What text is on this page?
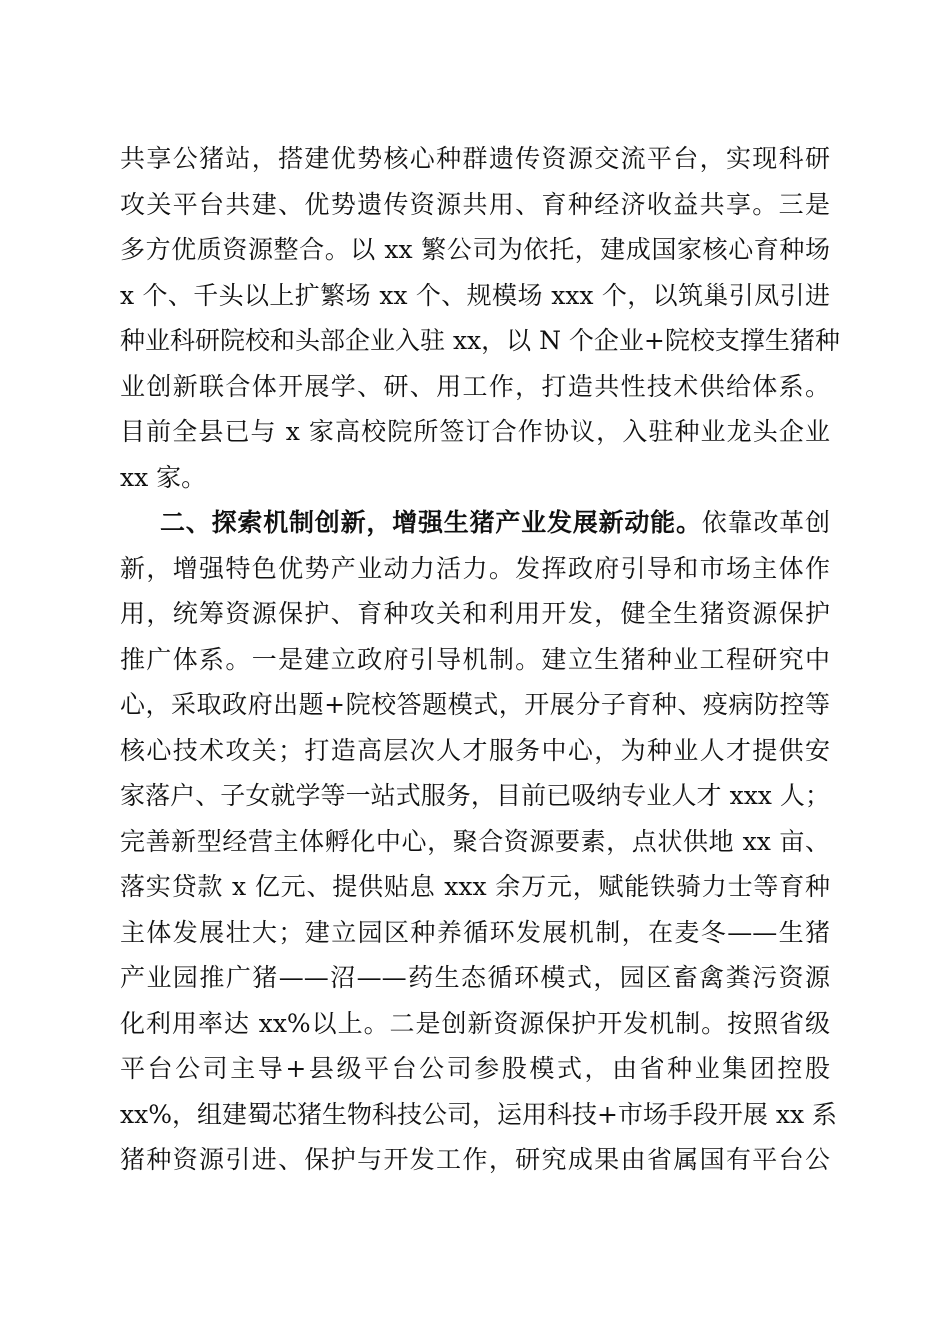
共享公猪站，搭建优势核心种群遗传资源交流平台，实现科研
攻关平台共建、优势遗传资源共用、育种经济收益共享。三是
多方优质资源整合。以 xx 繁公司为依托，建成国家核心育种场
x 个、千头以上扩繁场 xx 个、规模场 xxx 个，以筑巢引凤引进
种业科研院校和头部企业入驻 xx，以 N 个企业+院校支撑生猪种
业创新联合体开展学、研、用工作，打造共性技术供给体系。
目前全县已与 x 家高校院所签订合作协议，入驻种业龙头企业
xx 家。
二、探索机制创新，增强生猪产业发展新动能。依靠改革创
新，增强特色优势产业动力活力。发挥政府引导和市场主体作
用，统筹资源保护、育种攻关和利用开发，健全生猪资源保护
推广体系。一是建立政府引导机制。建立生猪种业工程研究中
心，采取政府出题+院校答题模式，开展分子育种、疫病防控等
核心技术攻关；打造高层次人才服务中心，为种业人才提供安
家落户、子女就学等一站式服务，目前已吸纳专业人才 xxx 人；
完善新型经营主体孵化中心，聚合资源要素，点状供地 xx 亩、
落实贷款 x 亿元、提供贴息 xxx 余万元，赋能铁骑力士等育种
主体发展壮大；建立园区种养循环发展机制，在麦冬——生猪
产业园推广猪——沼——药生态循环模式，园区畜禽粪污资源
化利用率达 xx%以上。二是创新资源保护开发机制。按照省级
平台公司主导+县级平台公司参股模式，由省种业集团控股
xx%，组建蜀芯猪生物科技公司，运用科技+市场手段开展 xx 系
猪种资源引进、保护与开发工作，研究成果由省属国有平台公
